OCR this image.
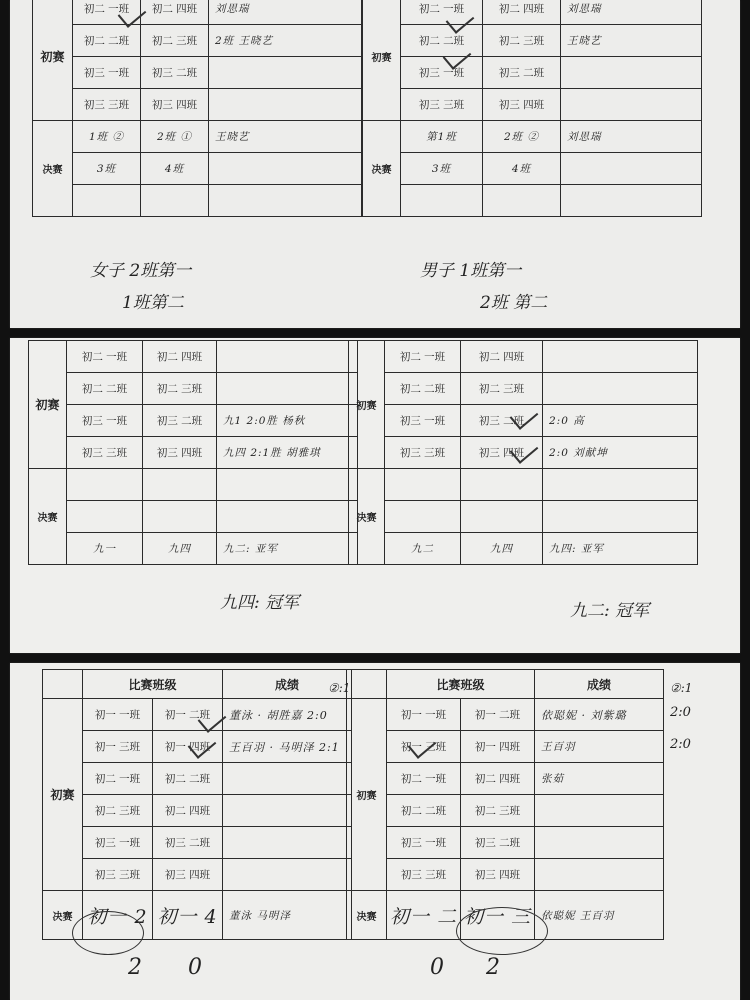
初赛	初二 一班	初二 四班	刘思瑞
	初二 二班	初二 三班	2班 王晓艺
	初三 一班	初三 二班	
	初三 三班	初三 四班	
决赛	1班 ②	2班 ①	王晓艺
	3班	4班	

初赛	初二 一班	初二 四班	刘思瑞
	初二 二班	初二 三班	王晓艺
	初三 一班	初三 二班	
	初三 三班	初三 四班	
决赛	第1班	2班 ②	刘思瑞
	3班	4班	

女子 2班第一
1班第二
男子 1班第一
2班 第二
初赛	初二 一班	初二 四班	
	初二 二班	初二 三班	
	初三 一班	初三 二班	九1 2:0胜 杨秋
	初三 三班	初三 四班	九四 2:1胜 胡雅琪
决赛			

	九一	九四	九二: 亚军
初赛	初二 一班	初二 四班	
	初二 二班	初二 三班	
	初三 一班	初三 二班	2:0 高
	初三 三班	初三 四班	2:0 刘献坤
决赛			

	九二	九四	九四: 亚军
九四: 冠军	九二: 冠军
	比赛班级		成绩
初赛	初一 一班	初一 二班	董泳 · 胡胜嘉 2:0
	初一 三班	初一 四班	王百羽 · 马明泽 2:1
	初二 一班	初二 二班	
	初二 三班	初二 四班	
	初三 一班	初三 二班	
	初三 三班	初三 四班	
决赛	初一 2	初一 4	董泳 马明泽
	比赛班级		成绩
初赛	初一 一班	初一 二班	依聪妮 · 刘紫璐
	初一 三班	初一 四班	王百羽
	初二 一班	初二 四班	张茹
	初二 二班	初二 三班	
	初三 一班	初三 二班	
	初三 三班	初三 四班	
决赛	初一 二	初一 三	依聪妮 王百羽
②:1	②:1
2:0
2:0
2 0	0 2
